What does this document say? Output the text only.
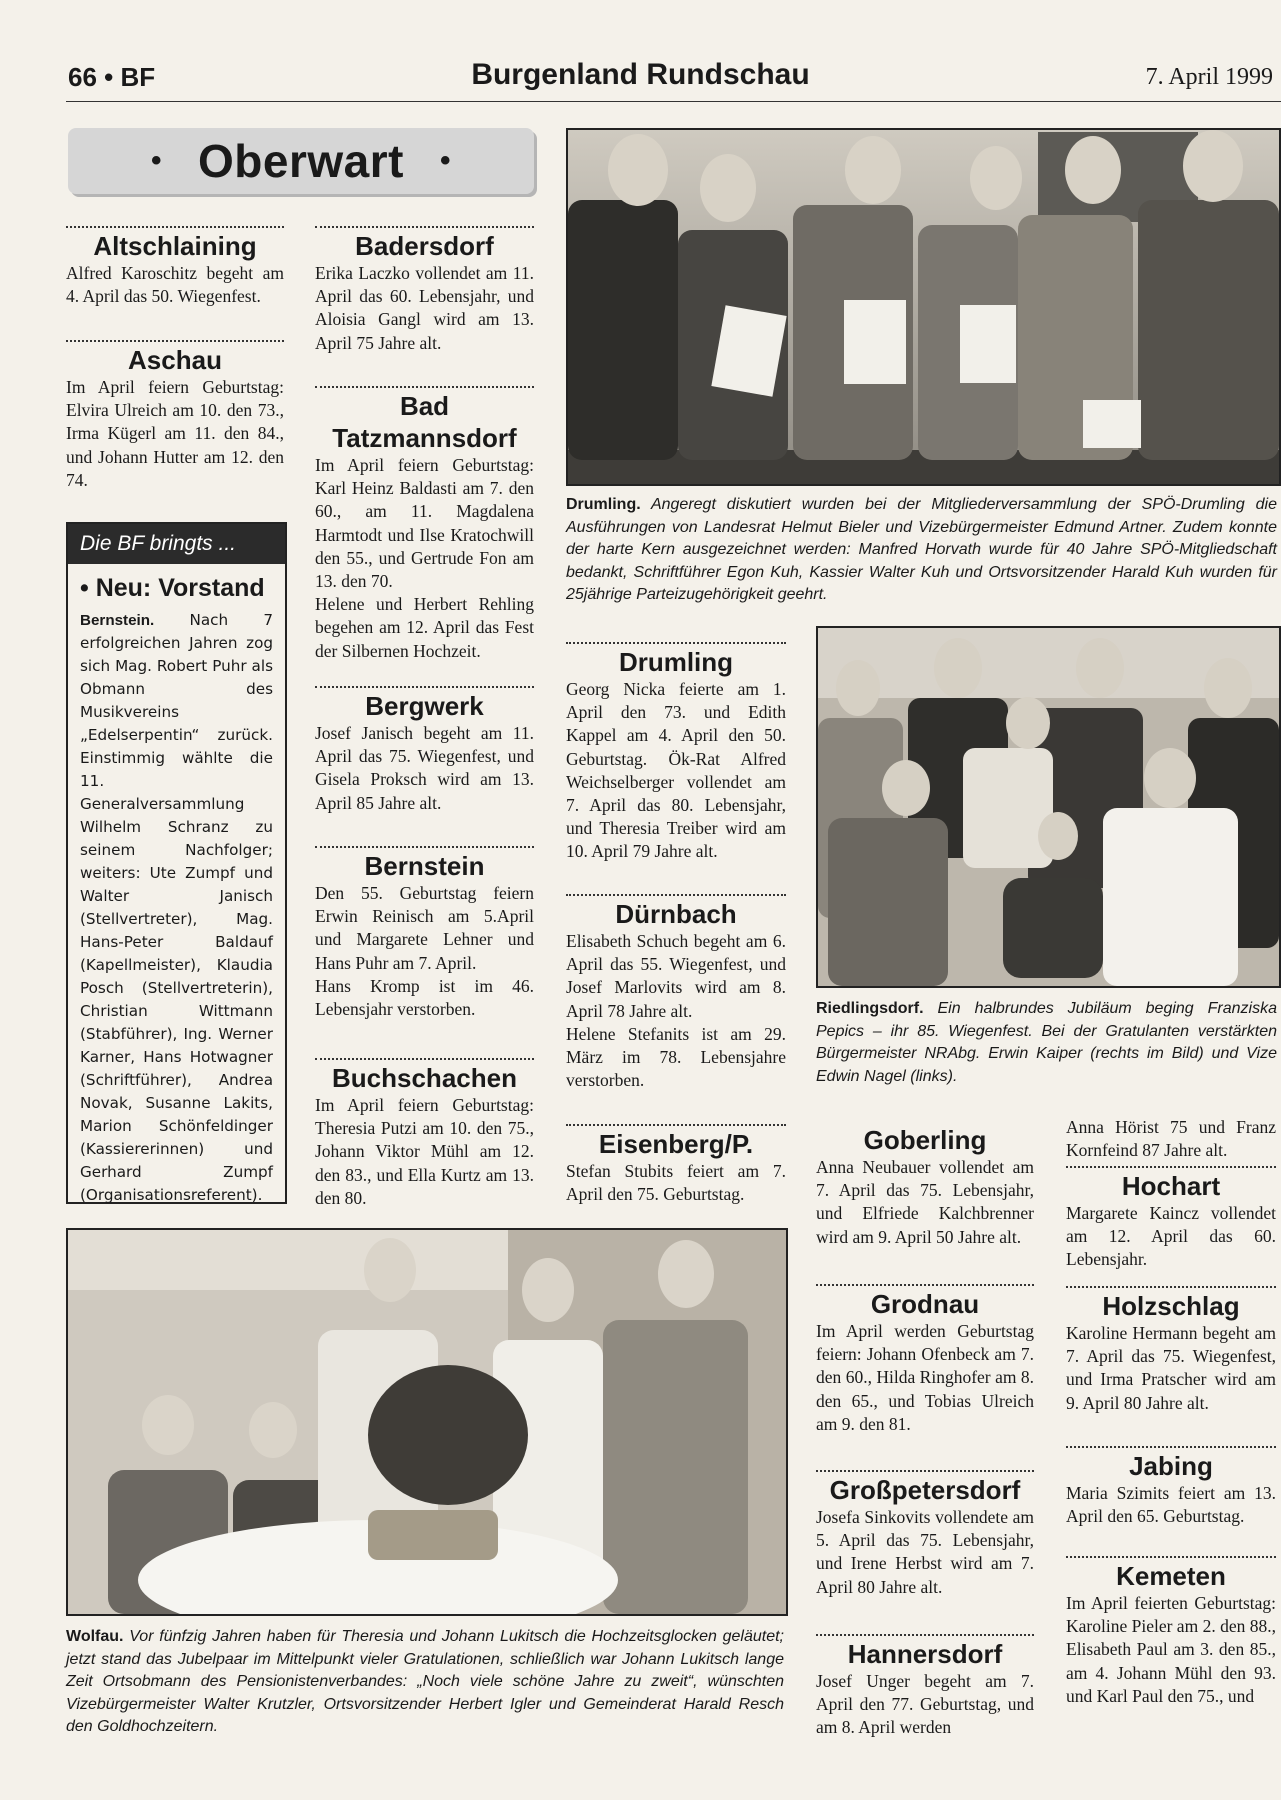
66 • BF	Burgenland Rundschau	7. April 1999
• Oberwart •
Altschlaining

Alfred Karoschitz begeht am 4. April das 50. Wiegenfest.

Aschau

Im April feiern Geburtstag: Elvira Ulreich am 10. den 73., Irma Kügerl am 11. den 84., und Johann Hutter am 12. den 74.

Die BF bringts ...
• Neu: Vorstand

Bernstein. Nach 7 erfolgreichen Jahren zog sich Mag. Robert Puhr als Obmann des Musikvereins „Edelserpentin“ zurück. Einstimmig wählte die 11. Generalversammlung Wilhelm Schranz zu seinem Nachfolger; weiters: Ute Zumpf und Walter Janisch (Stellvertreter), Mag. Hans-Peter Baldauf (Kapellmeister), Klaudia Posch (Stellvertreterin), Christian Wittmann (Stabführer), Ing. Werner Karner, Hans Hotwagner (Schriftführer), Andrea Novak, Susanne Lakits, Marion Schönfeldinger (Kassiererinnen) und Gerhard Zumpf (Organisationsreferent).

Badersdorf

Erika Laczko vollendet am 11. April das 60. Lebensjahr, und Aloisia Gangl wird am 13. April 75 Jahre alt.

Bad Tatzmannsdorf

Im April feiern Geburtstag: Karl Heinz Baldasti am 7. den 60., am 11. Magdalena Harmtodt und Ilse Kratochwill den 55., und Gertrude Fon am 13. den 70.

Helene und Herbert Rehling begehen am 12. April das Fest der Silbernen Hochzeit.

Bergwerk

Josef Janisch begeht am 11. April das 75. Wiegenfest, und Gisela Proksch wird am 13. April 85 Jahre alt.

Bernstein

Den 55. Geburtstag feiern Erwin Reinisch am 5.April und Margarete Lehner und Hans Puhr am 7. April.

Hans Kromp ist im 46. Lebensjahr verstorben.

Buchschachen

Im April feiern Geburtstag: Theresia Putzi am 10. den 75., Johann Viktor Mühl am 12. den 83., und Ella Kurtz am 13. den 80.

Drumling. Angeregt diskutiert wurden bei der Mitgliederversammlung der SPÖ-Drumling die Ausführungen von Landesrat Helmut Bieler und Vizebürgermeister Edmund Artner. Zudem konnte der harte Kern ausgezeichnet werden: Manfred Horvath wurde für 40 Jahre SPÖ-Mitgliedschaft bedankt, Schriftführer Egon Kuh, Kassier Walter Kuh und Ortsvorsitzender Harald Kuh wurden für 25jährige Parteizugehörigkeit geehrt.
Drumling

Georg Nicka feierte am 1. April den 73. und Edith Kappel am 4. April den 50. Geburtstag. Ök-Rat Alfred Weichselberger vollendet am 7. April das 80. Lebensjahr, und Theresia Treiber wird am 10. April 79 Jahre alt.

Dürnbach

Elisabeth Schuch begeht am 6. April das 55. Wiegenfest, und Josef Marlovits wird am 8. April 78 Jahre alt.

Helene Stefanits ist am 29. März im 78. Lebensjahre verstorben.

Eisenberg/P.

Stefan Stubits feiert am 7. April den 75. Geburtstag.

Riedlingsdorf. Ein halbrundes Jubiläum beging Franziska Pepics – ihr 85. Wiegenfest. Bei der Gratulanten verstärkten Bürgermeister NRAbg. Erwin Kaiper (rechts im Bild) und Vize Edwin Nagel (links).
Goberling

Anna Neubauer vollendet am 7. April das 75. Lebensjahr, und Elfriede Kalchbrenner wird am 9. April 50 Jahre alt.

Grodnau

Im April werden Geburtstag feiern: Johann Ofenbeck am 7. den 60., Hilda Ringhofer am 8. den 65., und Tobias Ulreich am 9. den 81.

Großpetersdorf

Josefa Sinkovits vollendete am 5. April das 75. Lebensjahr, und Irene Herbst wird am 7. April 80 Jahre alt.

Hannersdorf

Josef Unger begeht am 7. April den 77. Geburtstag, und am 8. April werden

Anna Hörist 75 und Franz Kornfeind 87 Jahre alt.

Hochart

Margarete Kaincz vollendet am 12. April das 60. Lebensjahr.

Holzschlag

Karoline Hermann begeht am 7. April das 75. Wiegenfest, und Irma Pratscher wird am 9. April 80 Jahre alt.

Jabing

Maria Szimits feiert am 13. April den 65. Geburtstag.

Kemeten

Im April feierten Geburtstag: Karoline Pieler am 2. den 88., Elisabeth Paul am 3. den 85., am 4. Johann Mühl den 93. und Karl Paul den 75., und

Wolfau. Vor fünfzig Jahren haben für Theresia und Johann Lukitsch die Hochzeitsglocken geläutet; jetzt stand das Jubelpaar im Mittelpunkt vieler Gratulationen, schließlich war Johann Lukitsch lange Zeit Ortsobmann des Pensionistenverbandes: „Noch viele schöne Jahre zu zweit“, wünschten Vizebürgermeister Walter Krutzler, Ortsvorsitzender Herbert Igler und Gemeinderat Harald Resch den Goldhochzeitern.
